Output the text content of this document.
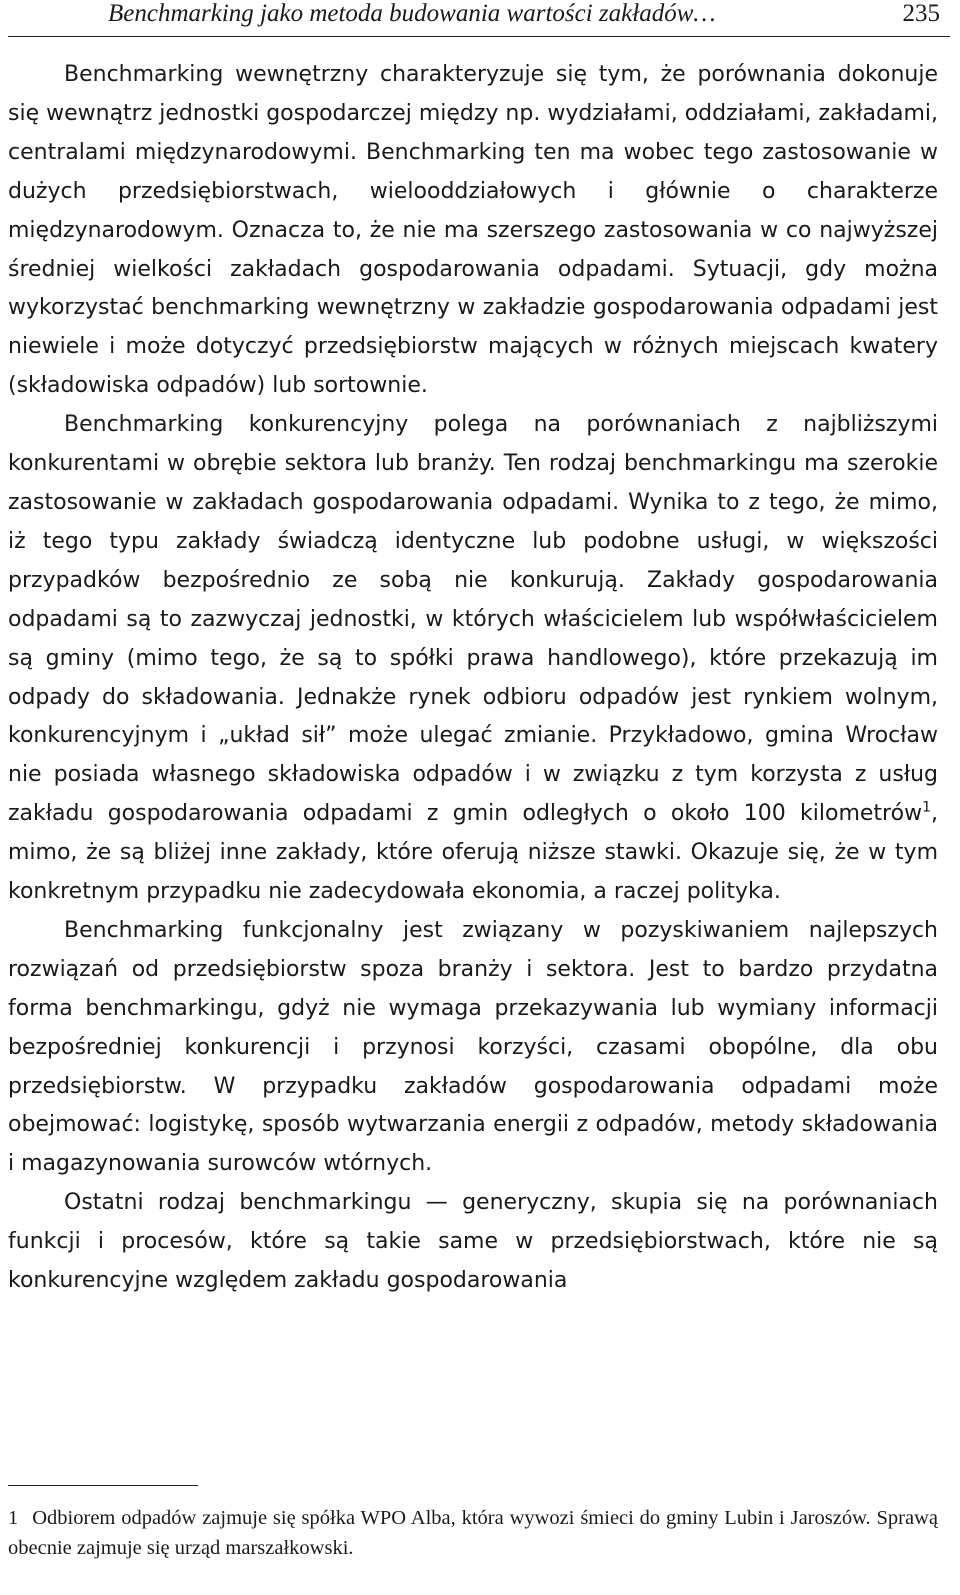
Benchmarking jako metoda budowania wartości zakładów…	235

Benchmarking wewnętrzny charakteryzuje się tym, że porównania dokonuje się wewnątrz jednostki gospodarczej między np. wydziałami, oddziałami, zakładami, centralami międzynarodowymi. Benchmarking ten ma wobec tego zastosowanie w dużych przedsiębiorstwach, wielooddziałowych i głównie o charakterze międzynarodowym. Oznacza to, że nie ma szerszego zastosowania w co najwyższej średniej wielkości zakładach gospodarowania odpadami. Sytuacji, gdy można wykorzystać benchmarking wewnętrzny w zakładzie gospodarowania odpadami jest niewiele i może dotyczyć przedsiębiorstw mających w różnych miejscach kwatery (składowiska odpadów) lub sortownie.

Benchmarking konkurencyjny polega na porównaniach z najbliższymi konkurentami w obrębie sektora lub branży. Ten rodzaj benchmarkingu ma szerokie zastosowanie w zakładach gospodarowania odpadami. Wynika to z tego, że mimo, iż tego typu zakłady świadczą identyczne lub podobne usługi, w większości przypadków bezpośrednio ze sobą nie konkurują. Zakłady gospodarowania odpadami są to zazwyczaj jednostki, w których właścicielem lub współwłaścicielem są gminy (mimo tego, że są to spółki prawa handlowego), które przekazują im odpady do składowania. Jednakże rynek odbioru odpadów jest rynkiem wolnym, konkurencyjnym i „układ sił” może ulegać zmianie. Przykładowo, gmina Wrocław nie posiada własnego składowiska odpadów i w związku z tym korzysta z usług zakładu gospodarowania odpadami z gmin odległych o około 100 kilometrów$^1$, mimo, że są bliżej inne zakłady, które oferują niższe stawki. Okazuje się, że w tym konkretnym przypadku nie zadecydowała ekonomia, a raczej polityka.

Benchmarking funkcjonalny jest związany w pozyskiwaniem najlepszych rozwiązań od przedsiębiorstw spoza branży i sektora. Jest to bardzo przydatna forma benchmarkingu, gdyż nie wymaga przekazywania lub wymiany informacji bezpośredniej konkurencji i przynosi korzyści, czasami obopólne, dla obu przedsiębiorstw. W przypadku zakładów gospodarowania odpadami może obejmować: logistykę, sposób wytwarzania energii z odpadów, metody składowania i magazynowania surowców wtórnych.

Ostatni rodzaj benchmarkingu — generyczny, skupia się na porównaniach funkcji i procesów, które są takie same w przedsiębiorstwach, które nie są konkurencyjne względem zakładu gospodarowania

1 Odbiorem odpadów zajmuje się spółka WPO Alba, która wywozi śmieci do gminy Lubin i Jaroszów. Sprawą obecnie zajmuje się urząd marszałkowski.
